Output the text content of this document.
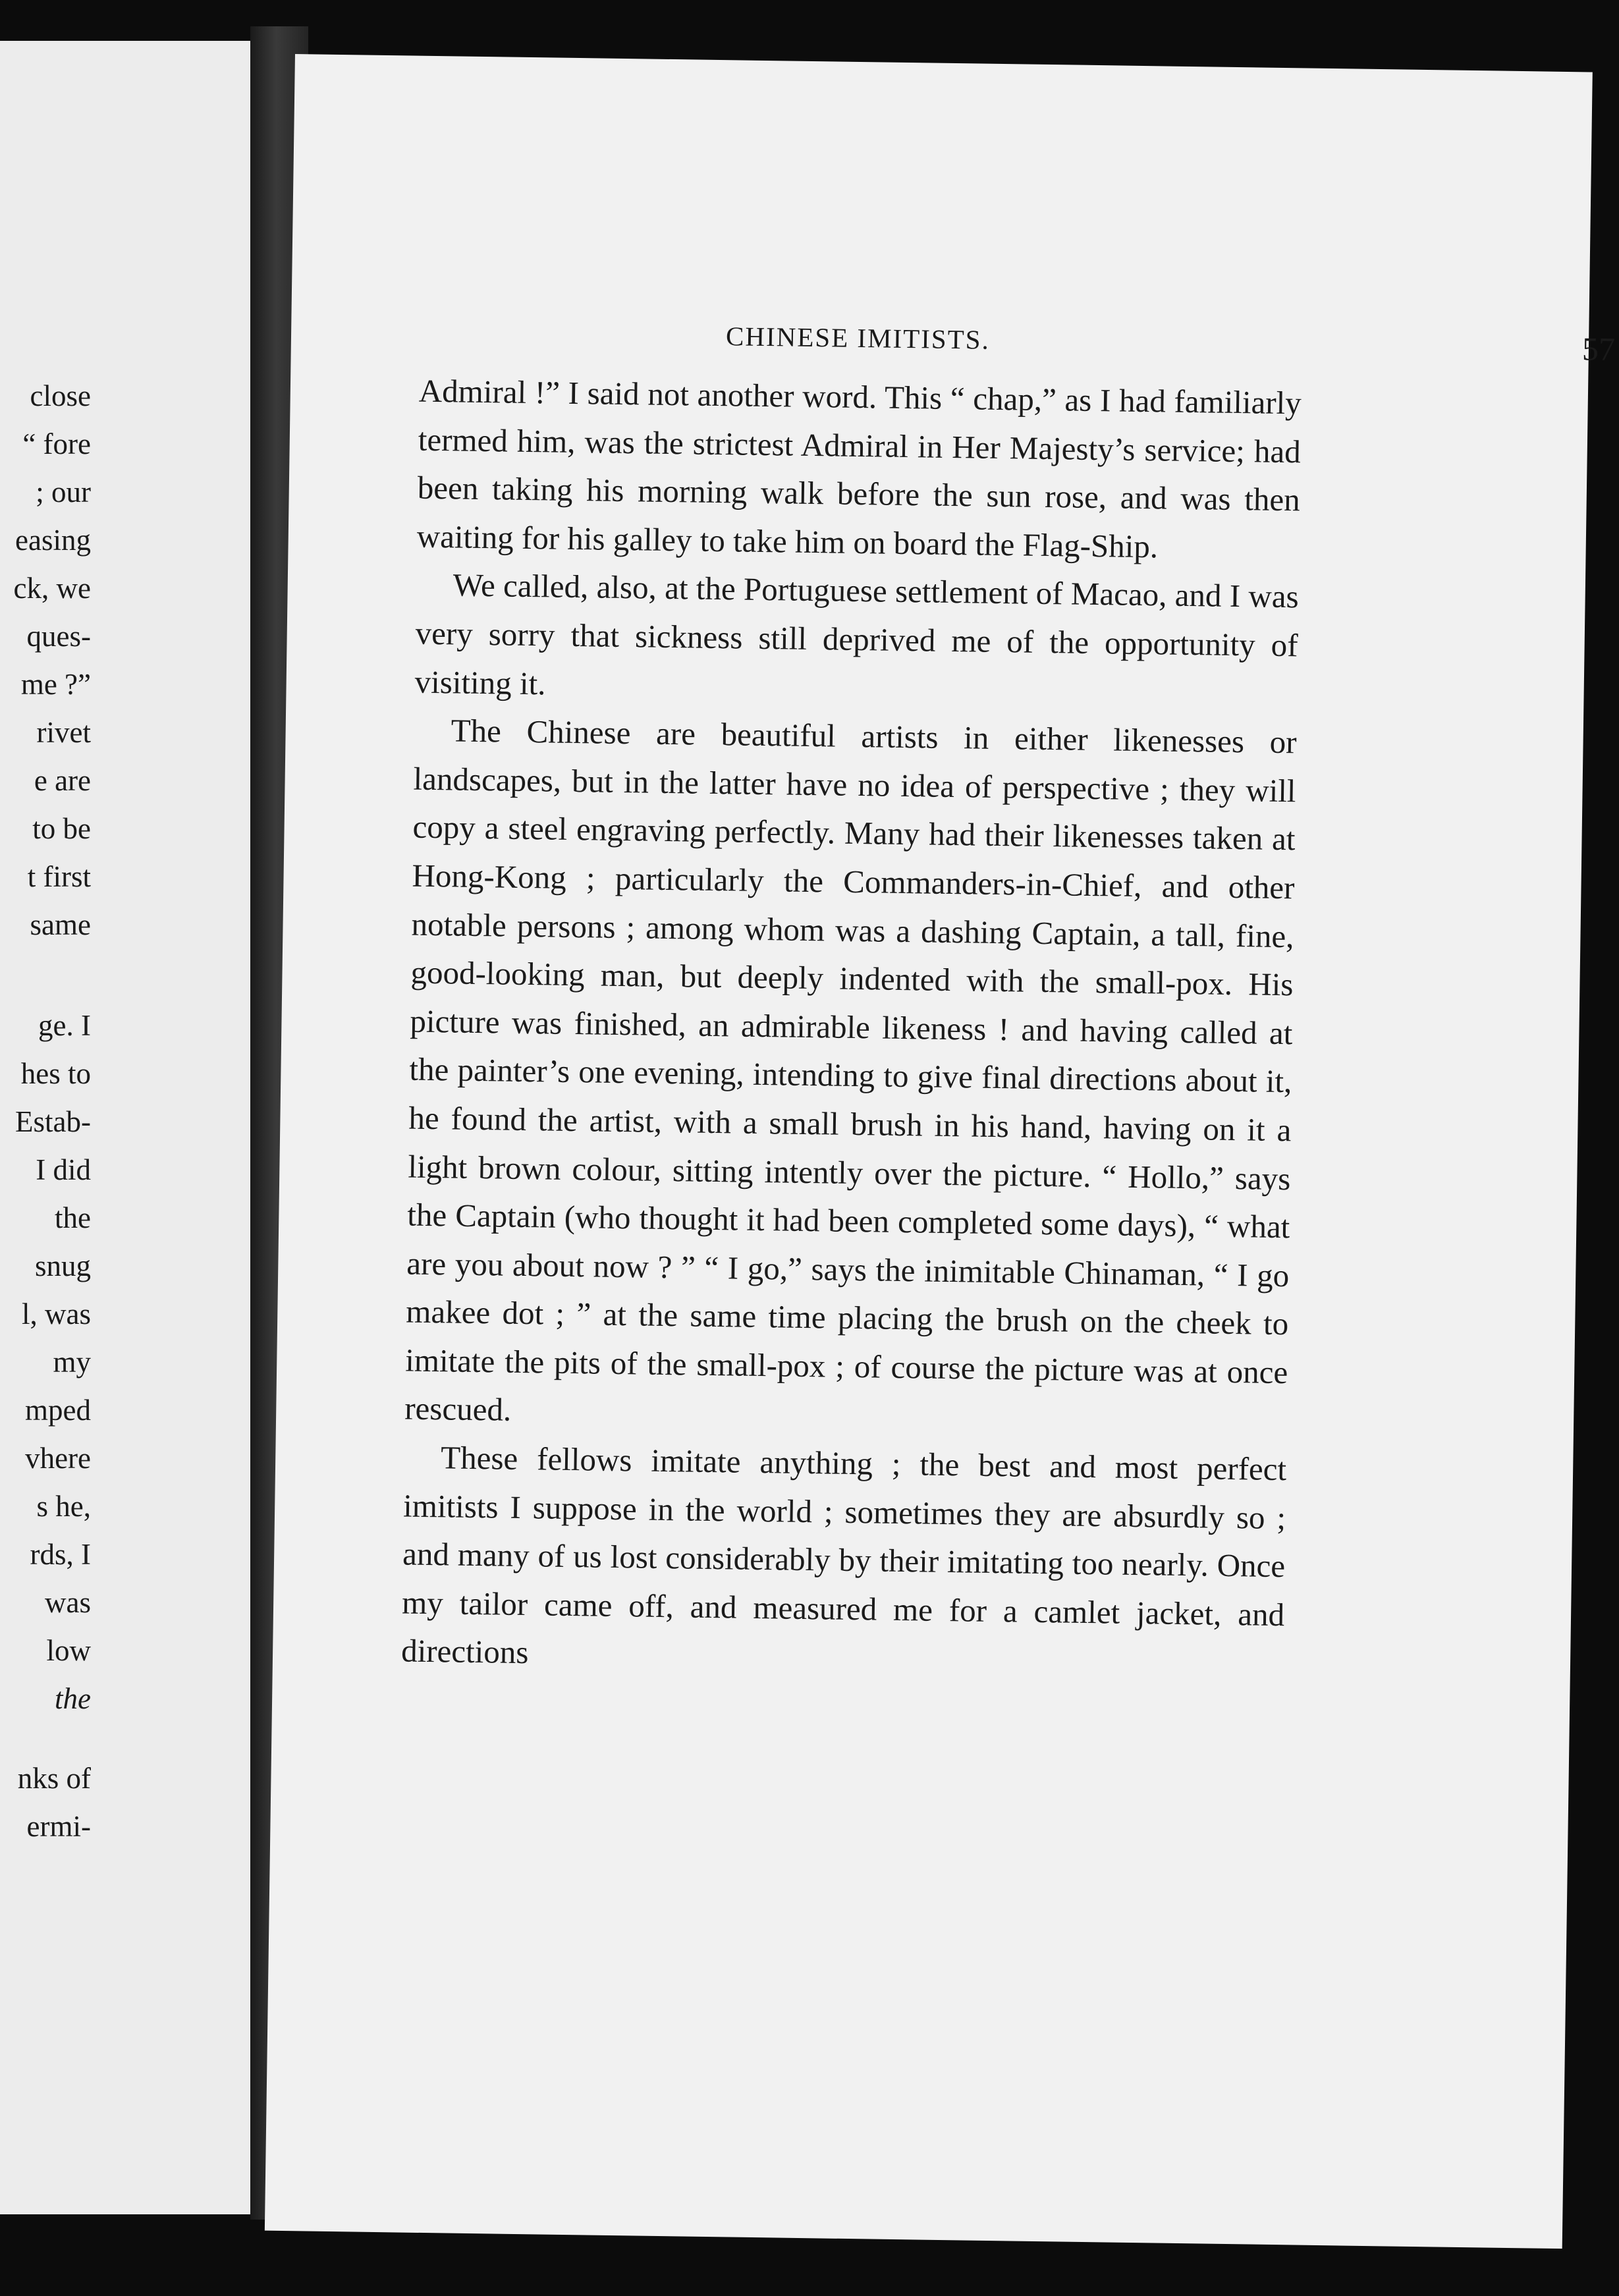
close
“ fore
; our
easing
ck, we
ques-
me ?”
rivet
e are
to be
t first
same
ge. I
hes to
Estab-
I did
the
snug
l, was
my
mped
vhere
s he,
rds, I
was
low
the
nks of
ermi-
CHINESE IMITISTS.	57

Admiral !” I said not another word. This “ chap,” as I had familiarly termed him, was the strictest Admiral in Her Majesty’s service; had been taking his morning walk before the sun rose, and was then waiting for his galley to take him on board the Flag-Ship.

We called, also, at the Portuguese settlement of Macao, and I was very sorry that sickness still deprived me of the opportunity of visiting it.

The Chinese are beautiful artists in either likenesses or landscapes, but in the latter have no idea of perspective ; they will copy a steel engraving perfectly. Many had their likenesses taken at Hong-Kong ; particularly the Commanders-in-Chief, and other notable persons ; among whom was a dashing Captain, a tall, fine, good-looking man, but deeply indented with the small-pox. His picture was finished, an admirable likeness ! and having called at the painter’s one evening, intending to give final directions about it, he found the artist, with a small brush in his hand, having on it a light brown colour, sitting intently over the picture. “ Hollo,” says the Captain (who thought it had been completed some days), “ what are you about now ? ” “ I go,” says the inimitable Chinaman, “ I go makee dot ; ” at the same time placing the brush on the cheek to imitate the pits of the small-pox ; of course the picture was at once rescued.

These fellows imitate anything ; the best and most perfect imitists I suppose in the world ; sometimes they are absurdly so ; and many of us lost considerably by their imitating too nearly. Once my tailor came off, and measured me for a camlet jacket, and directions
